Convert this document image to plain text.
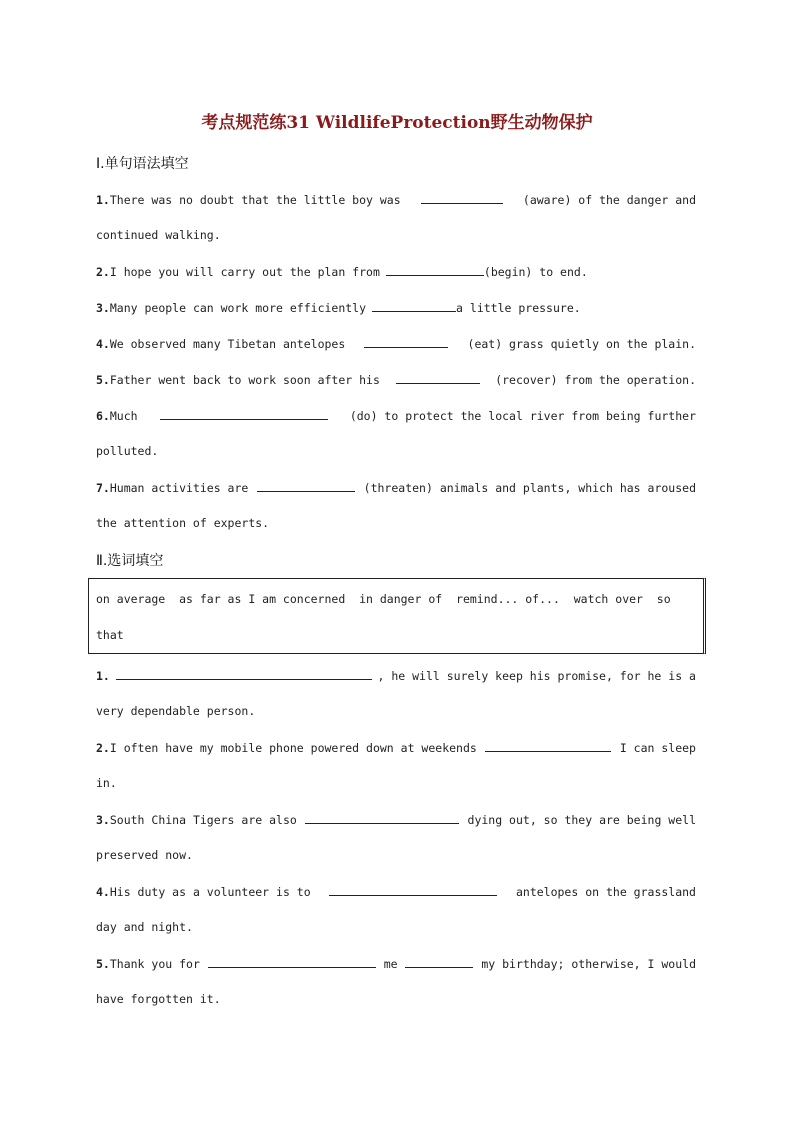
考点规范练31 WildlifeProtection野生动物保护
Ⅰ.单句语法填空
1.There was no doubt that the little boy was	(aware) of the danger and
continued walking.
2.I hope you will carry out the plan from	(begin) to end.
3.Many people can work more efficiently	a little pressure.
4.We observed many Tibetan antelopes	(eat) grass quietly on the plain.
5.Father went back to work soon after his	(recover) from the operation.
6.Much	(do) to protect the local river from being further
polluted.
7.Human activities are	(threaten) animals and plants, which has aroused
the attention of experts.
Ⅱ.选词填空
on average  as far as I am concerned  in danger of  remind... of...  watch over  so
that
1.	, he will surely keep his promise, for he is a
very dependable person.
2.I often have my mobile phone powered down at weekends	I can sleep
in.
3.South China Tigers are also	dying out, so they are being well
preserved now.
4.His duty as a volunteer is to	antelopes on the grassland
day and night.
5.Thank you for	me	my birthday; otherwise, I would
have forgotten it.
